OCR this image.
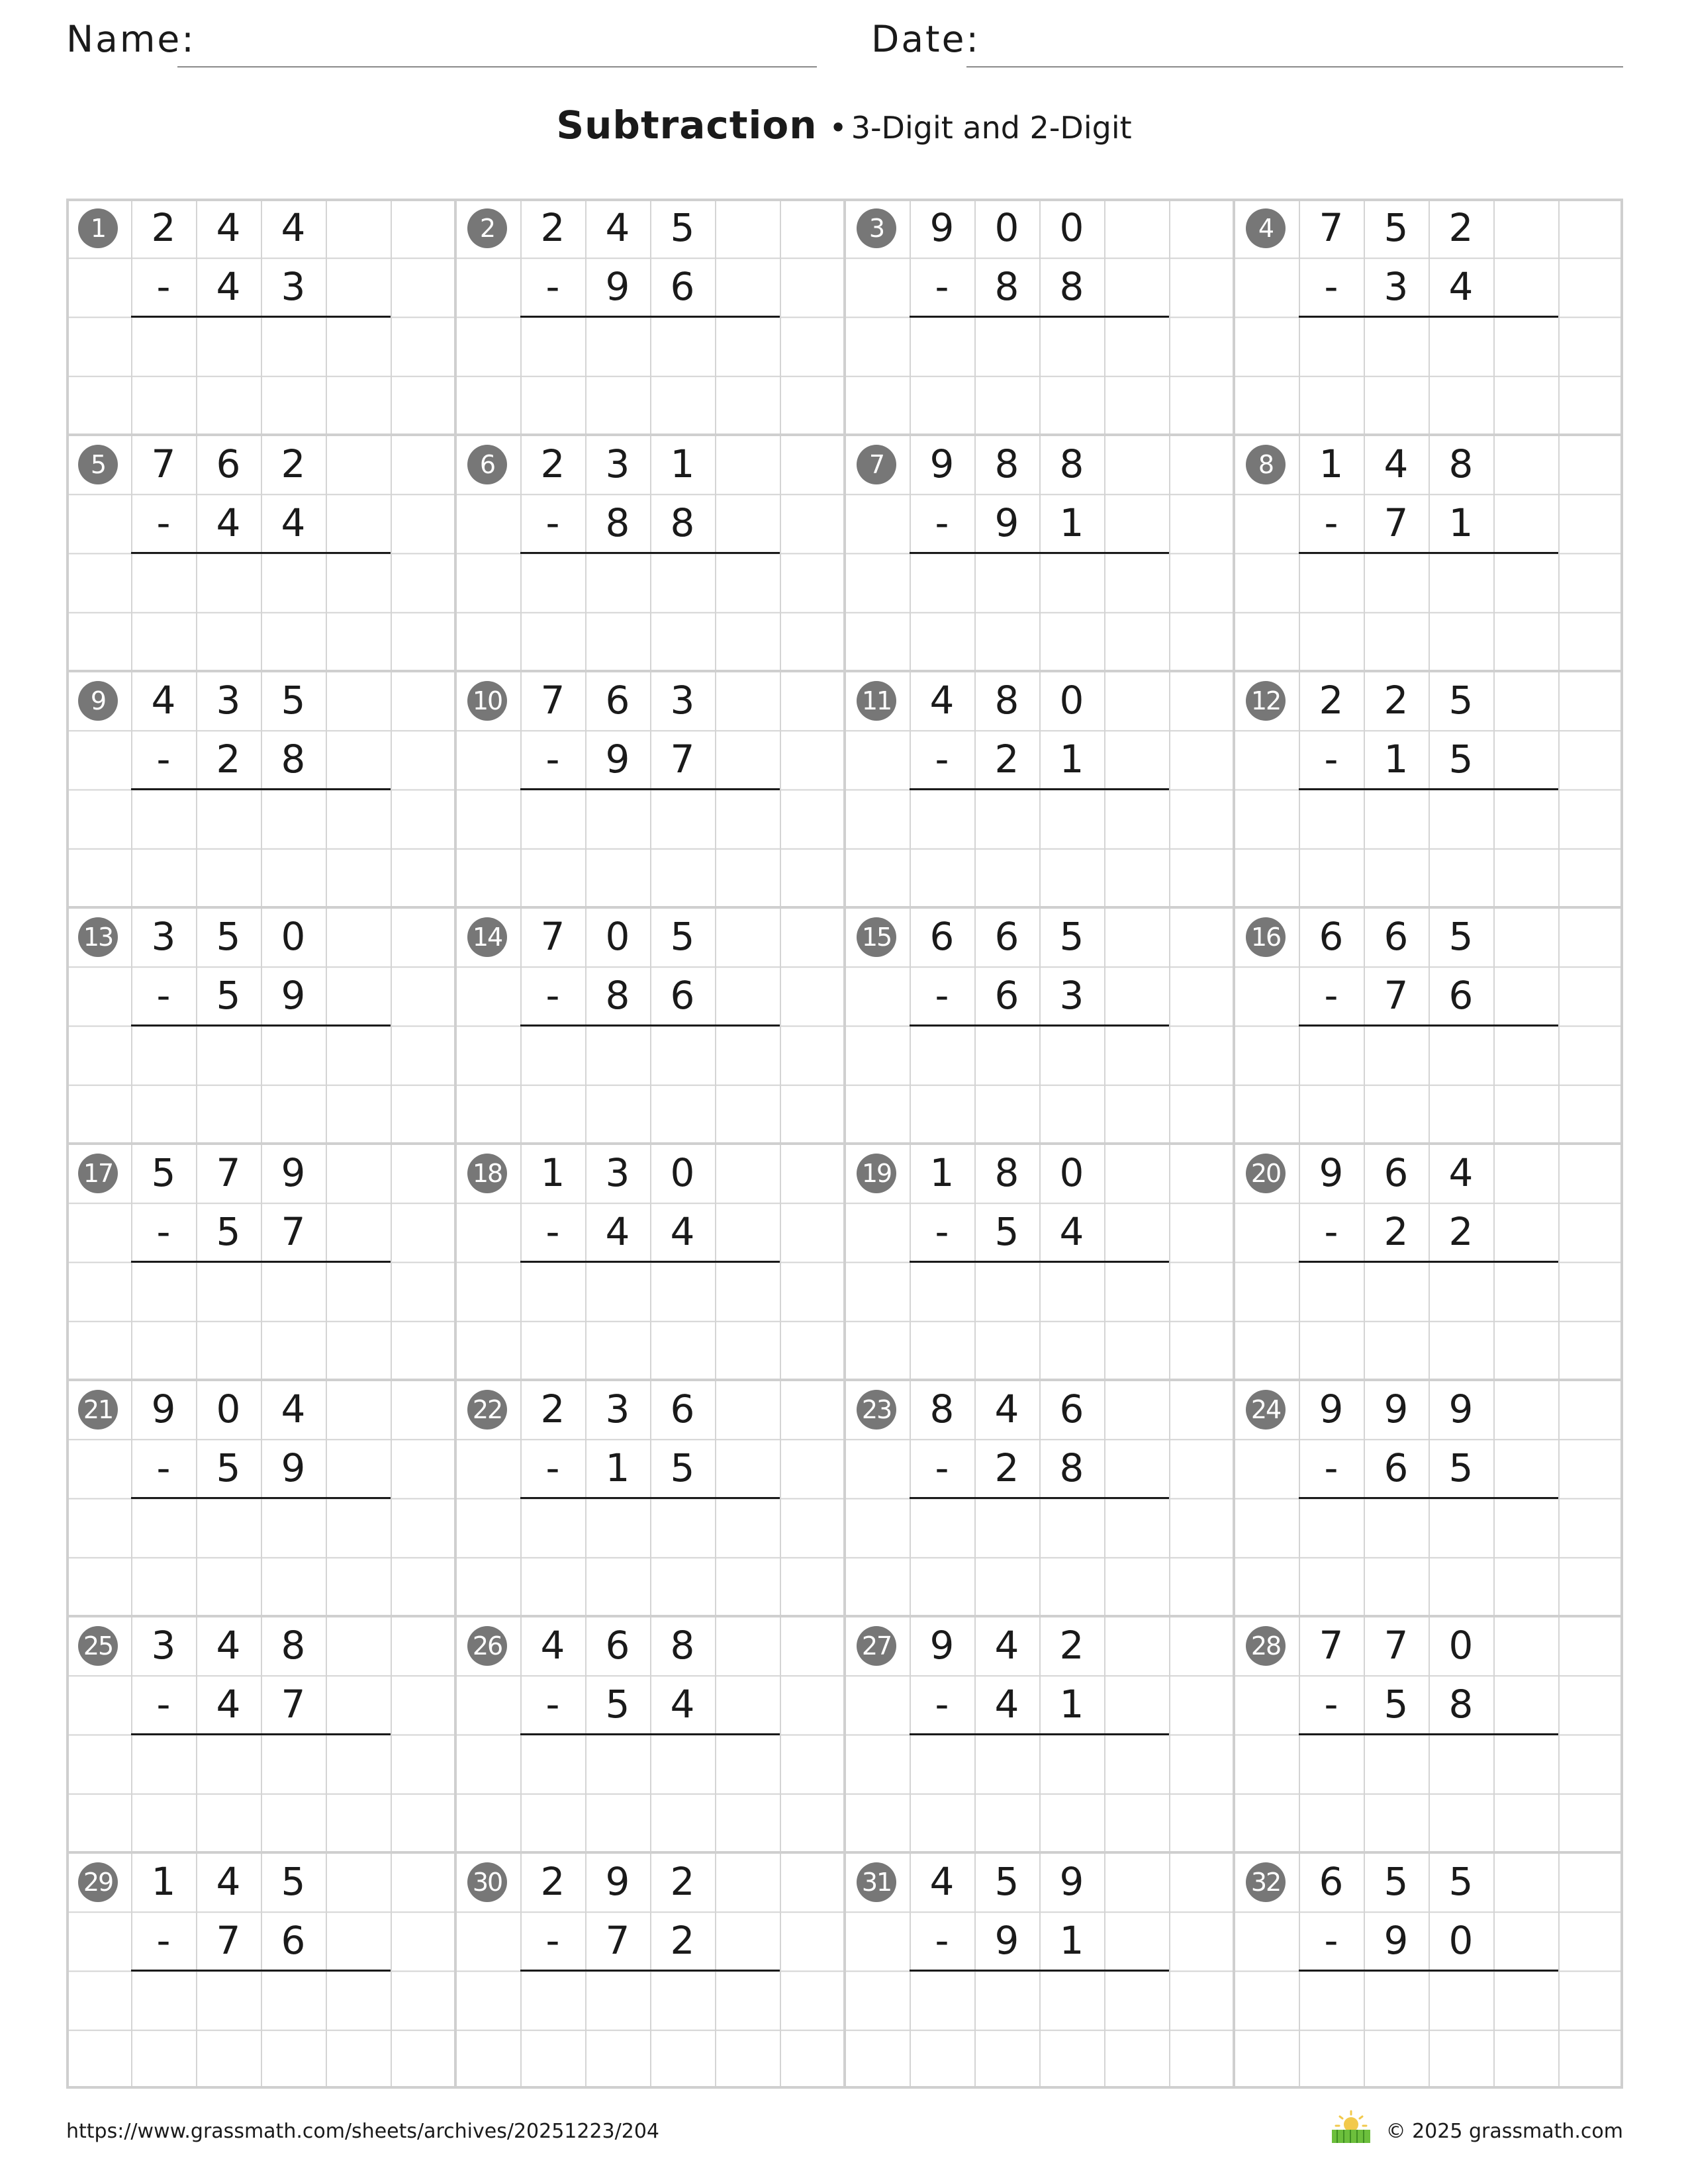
Name:	Date:
Subtraction • 3-Digit and 2-Digit
1	2	4	4
-	4	3
2	2	4	5
-	9	6
3	9	0	0
-	8	8
4	7	5	2
-	3	4
5	7	6	2
-	4	4
6	2	3	1
-	8	8
7	9	8	8
-	9	1
8	1	4	8
-	7	1
9	4	3	5
-	2	8
10	7	6	3
-	9	7
11	4	8	0
-	2	1
12	2	2	5
-	1	5
13	3	5	0
-	5	9
14	7	0	5
-	8	6
15	6	6	5
-	6	3
16	6	6	5
-	7	6
17	5	7	9
-	5	7
18	1	3	0
-	4	4
19	1	8	0
-	5	4
20	9	6	4
-	2	2
21	9	0	4
-	5	9
22	2	3	6
-	1	5
23	8	4	6
-	2	8
24	9	9	9
-	6	5
25	3	4	8
-	4	7
26	4	6	8
-	5	4
27	9	4	2
-	4	1
28	7	7	0
-	5	8
29	1	4	5
-	7	6
30	2	9	2
-	7	2
31	4	5	9
-	9	1
32	6	5	5
-	9	0
https://www.grassmath.com/sheets/archives/20251223/204	© 2025 grassmath.com
